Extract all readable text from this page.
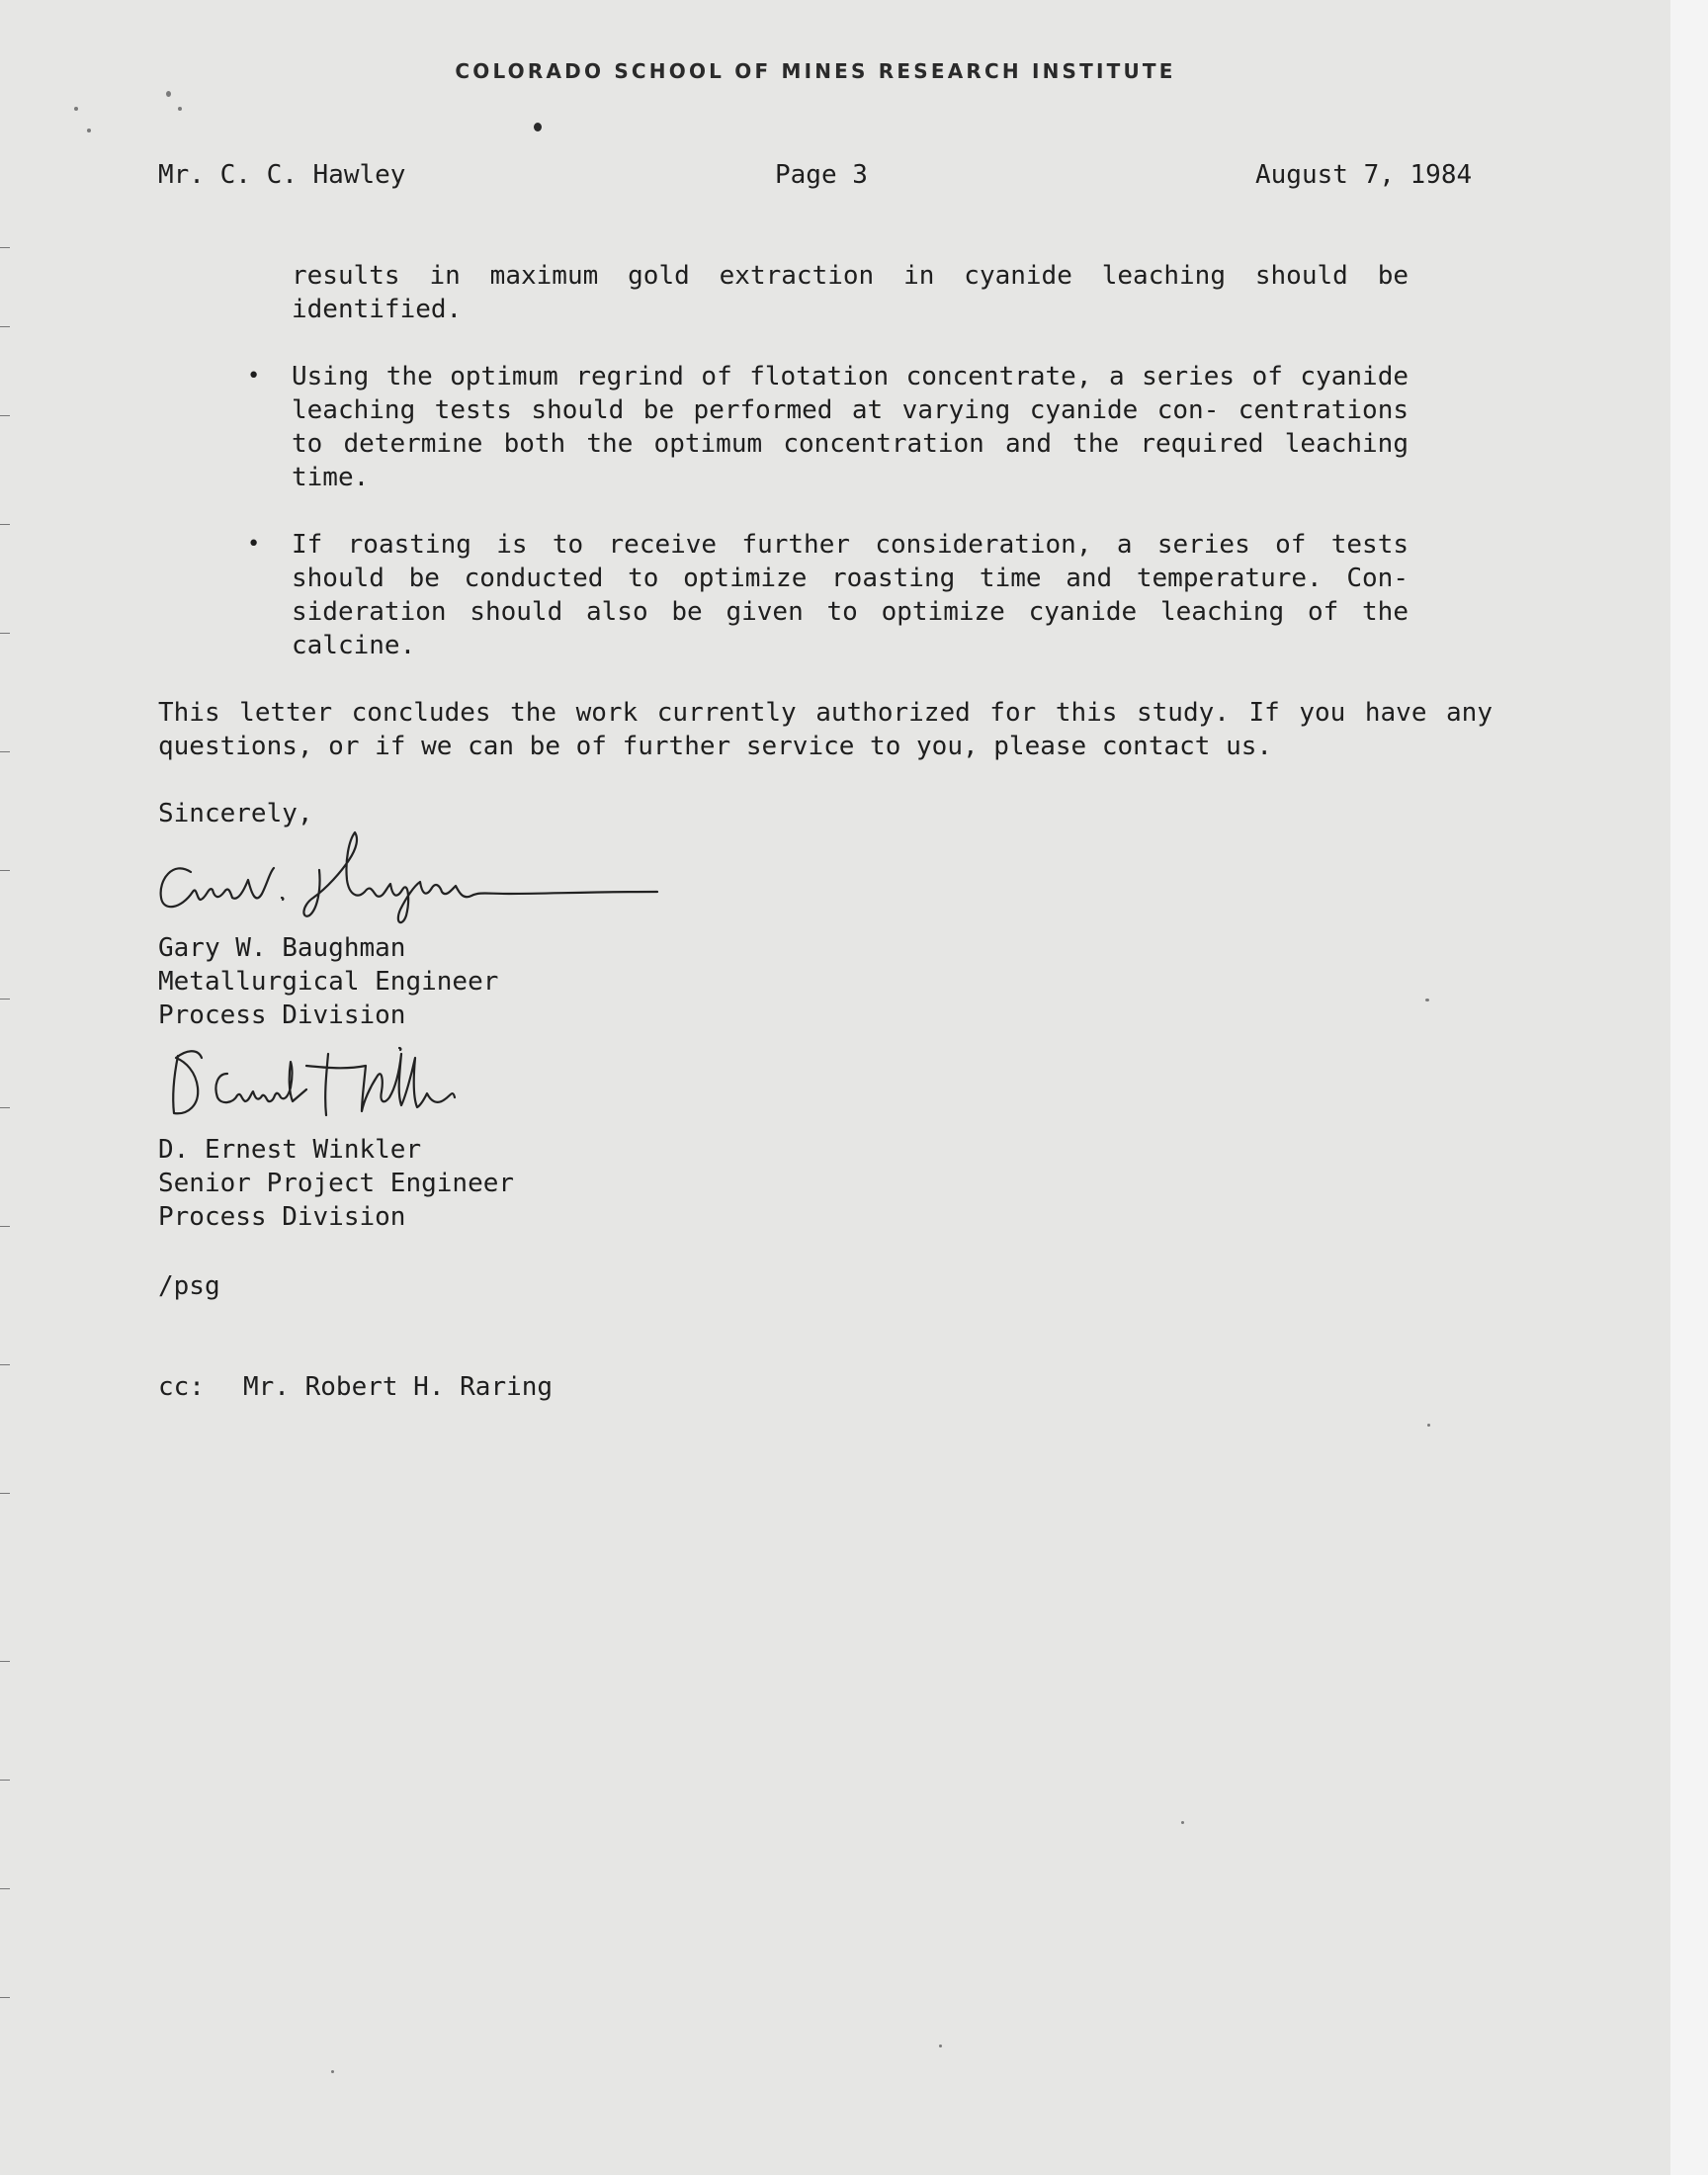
COLORADO SCHOOL OF MINES RESEARCH INSTITUTE
Mr. C. C. Hawley	Page 3	August 7, 1984
results in maximum gold extraction in cyanide leaching should be identified.
• Using the optimum regrind of flotation concentrate, a series of cyanide leaching tests should be performed at varying cyanide con- centrations to determine both the optimum concentration and the required leaching time.
• If roasting is to receive further consideration, a series of tests should be conducted to optimize roasting time and temperature. Con- sideration should also be given to optimize cyanide leaching of the calcine.
This letter concludes the work currently authorized for this study. If you have any questions, or if we can be of further service to you, please contact us.
Sincerely,
Gary W. Baughman
Metallurgical Engineer
Process Division
D. Ernest Winkler
Senior Project Engineer
Process Division
/psg
cc: Mr. Robert H. Raring
